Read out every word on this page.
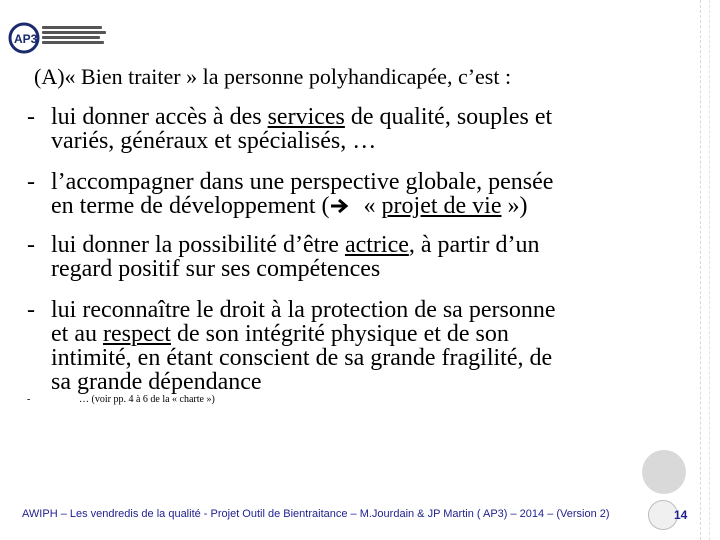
AP3
(A)« Bien traiter » la personne polyhandicapée, c’est :
- lui donner accès à des services de qualité, souples et
variés, généraux et spécialisés, …
- l’accompagner dans une perspective globale, pensée
en terme de développement ( « projet de vie »)
- lui donner la possibilité d’être actrice, à partir d’un
regard positif sur ses compétences
- lui reconnaître le droit à la protection de sa personne
et au respect de son intégrité physique et de son
intimité, en étant conscient de sa grande fragilité, de
sa grande dépendance
-	… (voir pp. 4 à 6 de la « charte »)
AWIPH – Les vendredis de la qualité - Projet Outil de Bientraitance – M.Jourdain & JP Martin ( AP3) – 2014 – (Version 2)	14
